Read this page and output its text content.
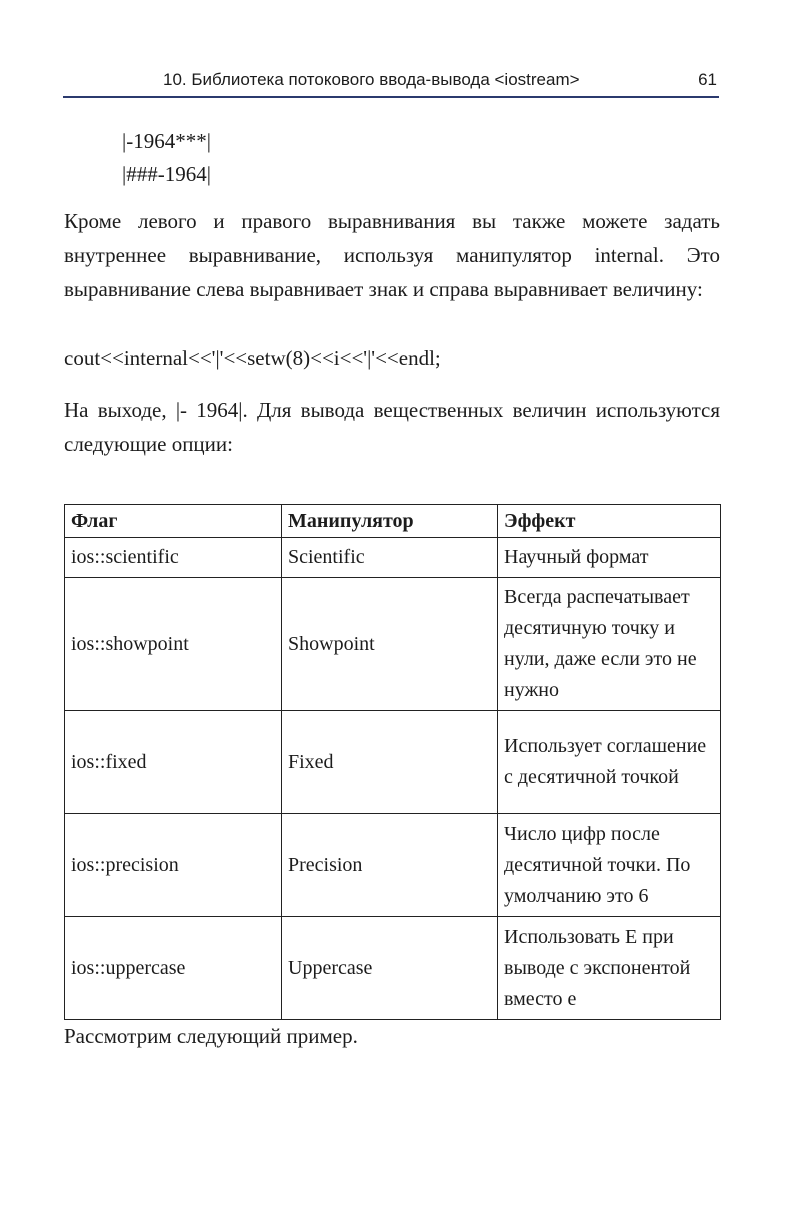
10. Библиотека потокового ввода-вывода <iostream>	61
|-1964***|
|###-1964|

Кроме левого и правого выравнивания вы также можете задать внутреннее выравнивание, используя манипулятор internal. Это выравнивание слева выравнивает знак и справа выравнивает величину:

cout<<internal<<'|'<<setw(8)<<i<<'|'<<endl;

На выходе, |- 1964|. Для вывода вещественных величин используются следующие опции:

Флаг	Манипулятор	Эффект
ios::scientific	Scientific	Научный формат
ios::showpoint	Showpoint	Всегда распечатывает десятичную точку и нули, даже если это не нужно
ios::fixed	Fixed	Использует соглашение с десятичной точкой
ios::precision	Precision	Число цифр после десятичной точки. По умолчанию это 6
ios::uppercase	Uppercase	Использовать Е при выводе с экспонентой вместо е
Рассмотрим следующий пример.
